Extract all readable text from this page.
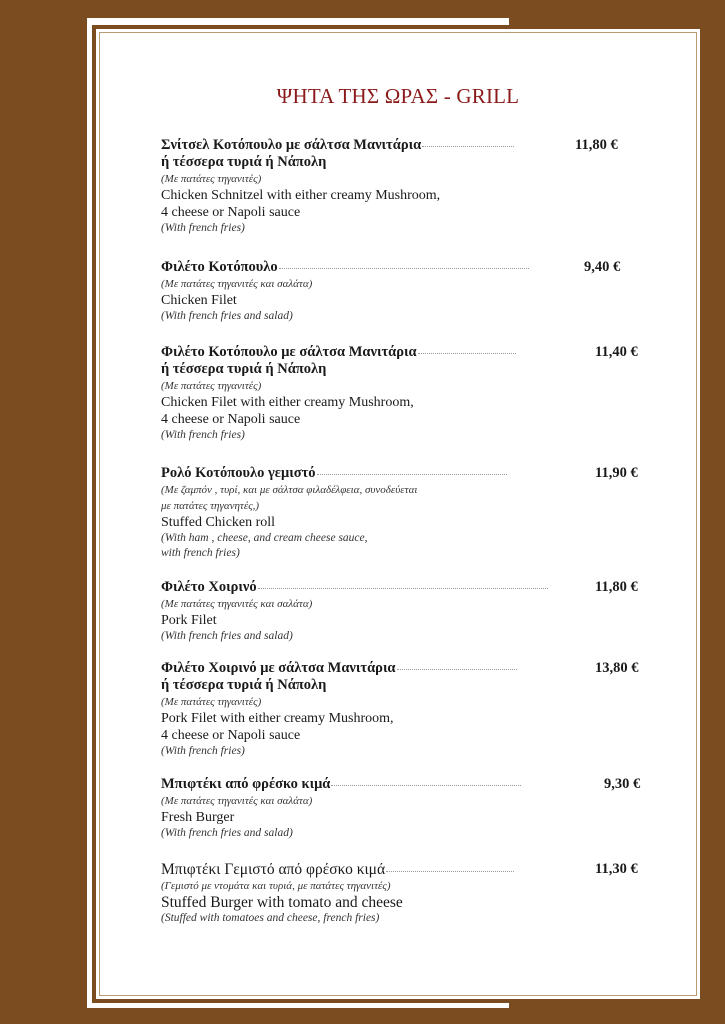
ΨΗΤΑ ΤΗΣ ΩΡΑΣ - GRILL
Σνίτσελ Κοτόπουλο με σάλτσα Μανιτάρια
ή τέσσερα τυριά ή Νάπολη
11,80 €
(Με πατάτες τηγανιτές)
Chicken Schnitzel with either creamy Mushroom,
4 cheese or Napoli sauce
(With french fries)
Φιλέτο Κοτόπουλο	9,40 €
(Με πατάτες τηγανιτές και σαλάτα)
Chicken Filet
(With french fries and salad)
Φιλέτο Κοτόπουλο με σάλτσα Μανιτάρια
ή τέσσερα τυριά ή Νάπολη
11,40 €
(Με πατάτες τηγανιτές)
Chicken Filet with either creamy Mushroom,
4 cheese or Napoli sauce
(With french fries)
Ρολό Κοτόπουλο γεμιστό	11,90 €
(Με ζαμπόν , τυρί, και με σάλτσα φιλαδέλφεια, συνοδεύεται
με πατάτες τηγανητές,)
Stuffed Chicken roll
(With ham , cheese, and cream cheese sauce,
with french fries)
Φιλέτο Χοιρινό	11,80 €
(Με πατάτες τηγανιτές και σαλάτα)
Pork Filet
(With french fries and salad)
Φιλέτο Χοιρινό με σάλτσα Μανιτάρια
ή τέσσερα τυριά ή Νάπολη
13,80 €
(Με πατάτες τηγανιτές)
Pork Filet with either creamy Mushroom,
4 cheese or Napoli sauce
(With french fries)
Μπιφτέκι από φρέσκο κιμά	9,30 €
(Με πατάτες τηγανιτές και σαλάτα)
Fresh Burger
(With french fries and salad)
Μπιφτέκι Γεμιστό από φρέσκο κιμά	11,30 €
(Γεμιστό με ντομάτα και τυριά, με πατάτες τηγανιτές)
Stuffed Burger with tomato and cheese
(Stuffed with tomatoes and cheese, french fries)
